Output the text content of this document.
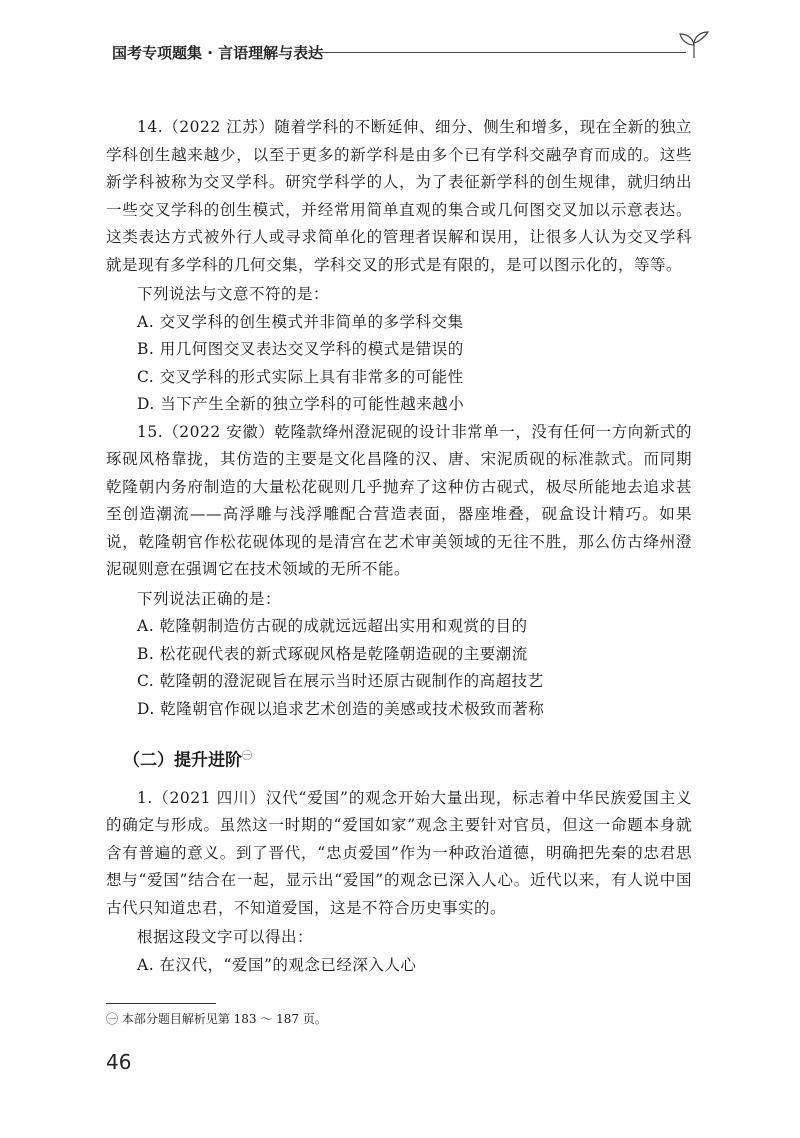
国考专项题集 · 言语理解与表达

14.（2022 江苏）随着学科的不断延伸、细分、侧生和增多，现在全新的独立学科创生越来越少，以至于更多的新学科是由多个已有学科交融孕育而成的。这些新学科被称为交叉学科。研究学科学的人，为了表征新学科的创生规律，就归纳出一些交叉学科的创生模式，并经常用简单直观的集合或几何图交叉加以示意表达。这类表达方式被外行人或寻求简单化的管理者误解和误用，让很多人认为交叉学科就是现有多学科的几何交集，学科交叉的形式是有限的，是可以图示化的，等等。

下列说法与文意不符的是：

A. 交叉学科的创生模式并非简单的多学科交集

B. 用几何图交叉表达交叉学科的模式是错误的

C. 交叉学科的形式实际上具有非常多的可能性

D. 当下产生全新的独立学科的可能性越来越小

15.（2022 安徽）乾隆款绛州澄泥砚的设计非常单一，没有任何一方向新式的琢砚风格靠拢，其仿造的主要是文化昌隆的汉、唐、宋泥质砚的标准款式。而同期乾隆朝内务府制造的大量松花砚则几乎抛弃了这种仿古砚式，极尽所能地去追求甚至创造潮流——高浮雕与浅浮雕配合营造表面，器座堆叠，砚盒设计精巧。如果说，乾隆朝官作松花砚体现的是清宫在艺术审美领域的无往不胜，那么仿古绛州澄泥砚则意在强调它在技术领域的无所不能。

下列说法正确的是：

A. 乾隆朝制造仿古砚的成就远远超出实用和观赏的目的

B. 松花砚代表的新式琢砚风格是乾隆朝造砚的主要潮流

C. 乾隆朝的澄泥砚旨在展示当时还原古砚制作的高超技艺

D. 乾隆朝官作砚以追求艺术创造的美感或技术极致而著称

（二）提升进阶$^㊀$

1.（2021 四川）汉代“爱国”的观念开始大量出现，标志着中华民族爱国主义的确定与形成。虽然这一时期的“爱国如家”观念主要针对官员，但这一命题本身就含有普遍的意义。到了晋代，“忠贞爱国”作为一种政治道德，明确把先秦的忠君思想与“爱国”结合在一起，显示出“爱国”的观念已深入人心。近代以来，有人说中国古代只知道忠君，不知道爱国，这是不符合历史事实的。

根据这段文字可以得出：

A. 在汉代，“爱国”的观念已经深入人心

㊀ 本部分题目解析见第 183 ～ 187 页。
46
